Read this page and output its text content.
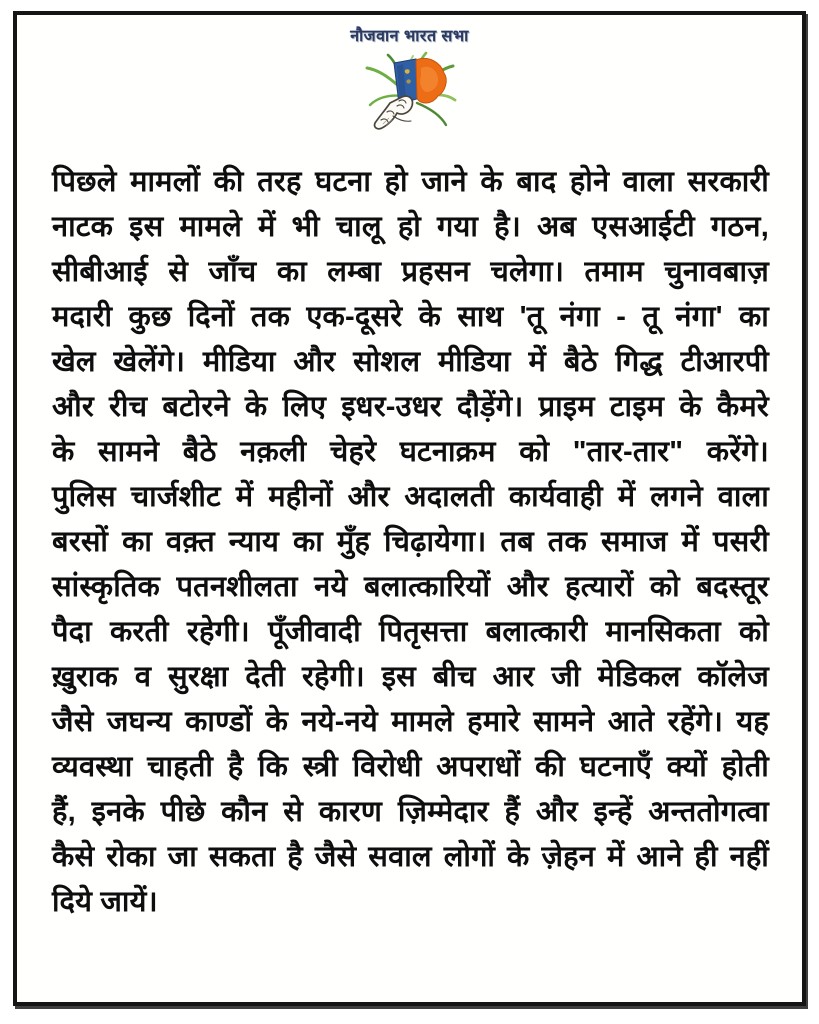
नौजवान भारत सभा
पिछले मामलों की तरह घटना हो जाने के बाद होने वाला सरकारी
नाटक इस मामले में भी चालू हो गया है। अब एसआईटी गठन,
सीबीआई से जाँच का लम्बा प्रहसन चलेगा। तमाम चुनावबाज़
मदारी कुछ दिनों तक एक-दूसरे के साथ 'तू नंगा - तू नंगा' का
खेल खेलेंगे। मीडिया और सोशल मीडिया में बैठे गिद्ध टीआरपी
और रीच बटोरने के लिए इधर-उधर दौड़ेंगे। प्राइम टाइम के कैमरे
के सामने बैठे नक़ली चेहरे घटनाक्रम को "तार-तार" करेंगे।
पुलिस चार्जशीट में महीनों और अदालती कार्यवाही में लगने वाला
बरसों का वक़्त न्याय का मुँह चिढ़ायेगा। तब तक समाज में पसरी
सांस्कृतिक पतनशीलता नये बलात्कारियों और हत्यारों को बदस्तूर
पैदा करती रहेगी। पूँजीवादी पितृसत्ता बलात्कारी मानसिकता को
ख़ुराक व सुरक्षा देती रहेगी। इस बीच आर जी मेडिकल कॉलेज
जैसे जघन्य काण्डों के नये-नये मामले हमारे सामने आते रहेंगे। यह
व्यवस्था चाहती है कि स्त्री विरोधी अपराधों की घटनाएँ क्यों होती
हैं, इनके पीछे कौन से कारण ज़िम्मेदार हैं और इन्हें अन्ततोगत्वा
कैसे रोका जा सकता है जैसे सवाल लोगों के ज़ेहन में आने ही नहीं
दिये जायें।
